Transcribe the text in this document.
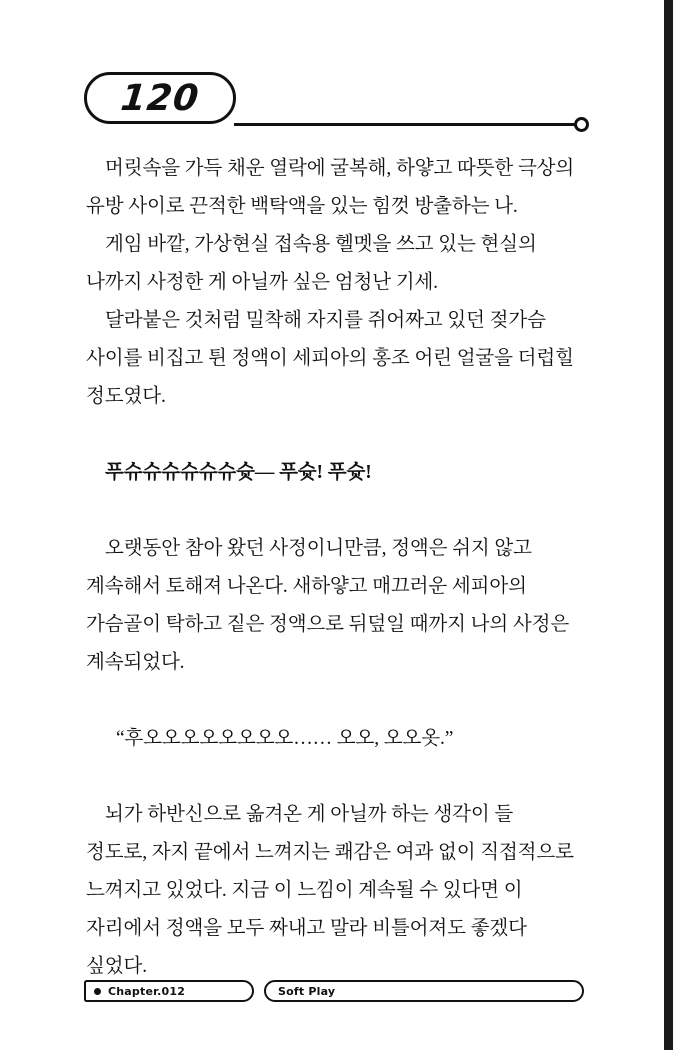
120

머릿속을 가득 채운 열락에 굴복해, 하얗고 따뜻한 극상의 유방 사이로 끈적한 백탁액을 있는 힘껏 방출하는 나.

게임 바깥, 가상현실 접속용 헬멧을 쓰고 있는 현실의 나까지 사정한 게 아닐까 싶은 엄청난 기세.

달라붙은 것처럼 밀착해 자지를 쥐어짜고 있던 젖가슴 사이를 비집고 튄 정액이 세피아의 홍조 어린 얼굴을 더럽힐 정도였다.

푸슈슈슈슈슈슈슛― 푸슛! 푸슛!

오랫동안 참아 왔던 사정이니만큼, 정액은 쉬지 않고 계속해서 토해져 나온다. 새하얗고 매끄러운 세피아의 가슴골이 탁하고 짙은 정액으로 뒤덮일 때까지 나의 사정은 계속되었다.

“후오오오오오오오오…… 오오, 오오옷.”

뇌가 하반신으로 옮겨온 게 아닐까 하는 생각이 들 정도로, 자지 끝에서 느껴지는 쾌감은 여과 없이 직접적으로 느껴지고 있었다. 지금 이 느낌이 계속될 수 있다면 이 자리에서 정액을 모두 짜내고 말라 비틀어져도 좋겠다 싶었다.

Chapter.012	Soft Play
